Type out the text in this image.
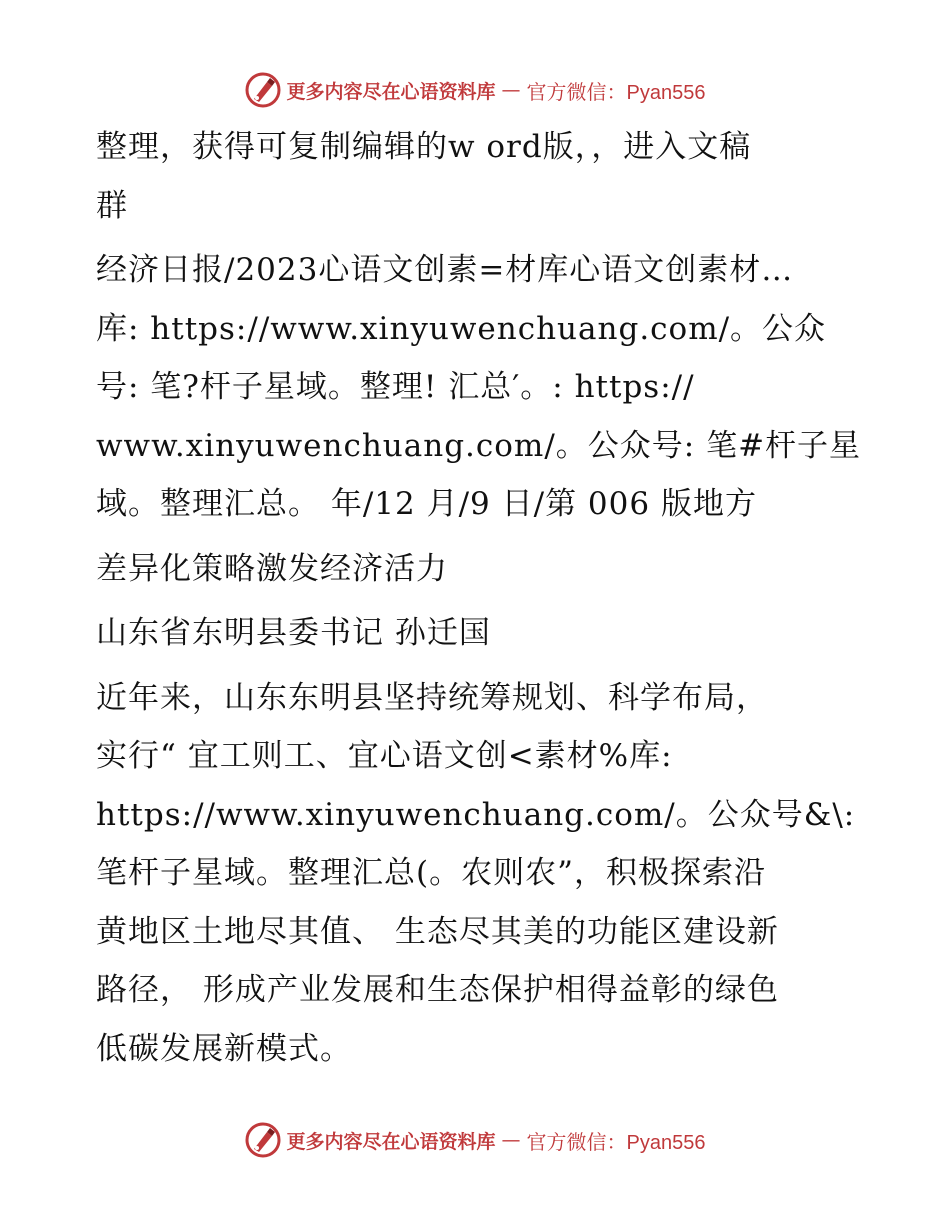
更多内容尽在心语资料库 — 官方微信：Pyan556
整理，获得可复制编辑的w ord版，，进入文稿
群
经济日报/2023心语文创素=材库心语文创素材…
库: https://www.xinyuwenchuang.com/。公众
号: 笔?杆子星域。整理! 汇总′。: https://
www.xinyuwenchuang.com/。公众号: 笔#杆子星
域。整理汇总。 年/12 月/9 日/第 006 版地方
差异化策略激发经济活力
山东省东明县委书记 孙迁国
近年来，山东东明县坚持统筹规划、科学布局，
实行“ 宜工则工、宜心语文创<素材%库:
https://www.xinyuwenchuang.com/。公众号&\:
笔杆子星域。整理汇总(。农则农”，积极探索沿
黄地区土地尽其值、 生态尽其美的功能区建设新
路径， 形成产业发展和生态保护相得益彰的绿色
低碳发展新模式。
更多内容尽在心语资料库 — 官方微信：Pyan556
